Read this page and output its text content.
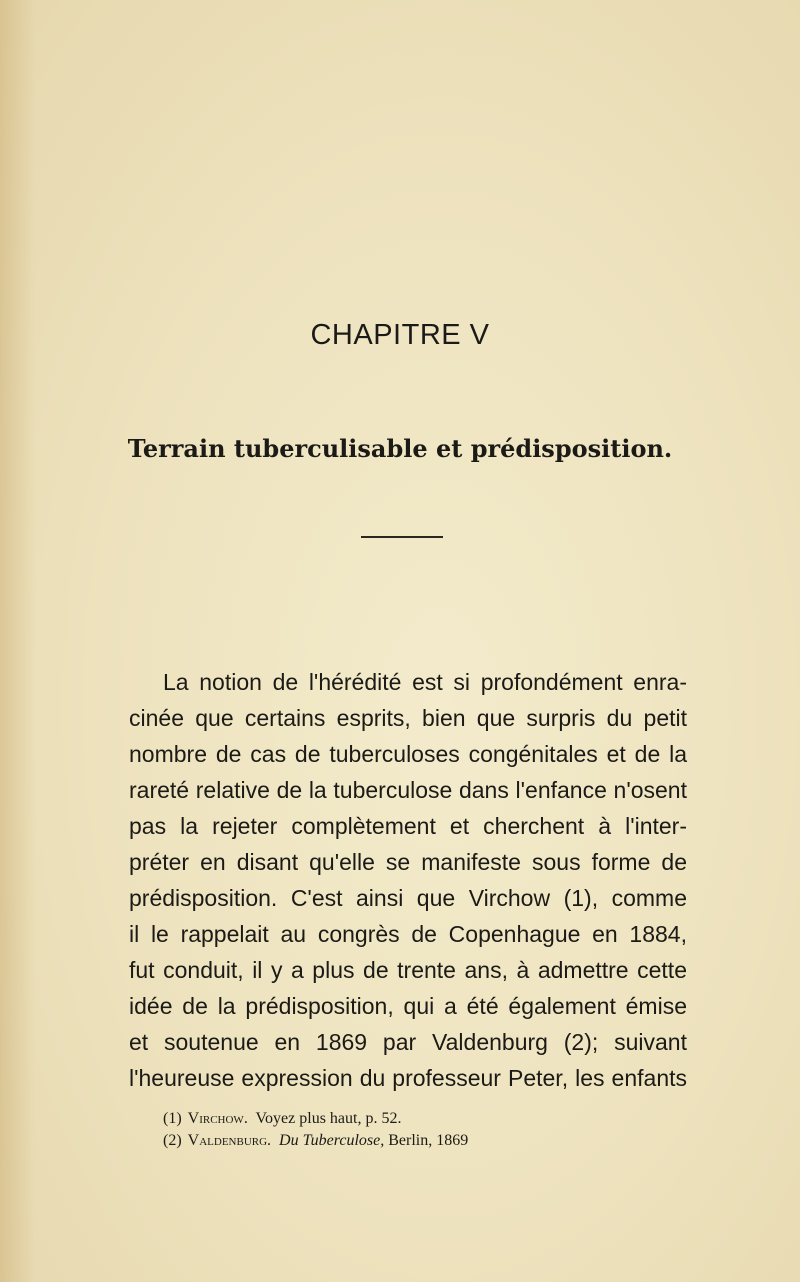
CHAPITRE V
Terrain tuberculisable et prédisposition.
La notion de l'hérédité est si profondément enra-
cinée que certains esprits, bien que surpris du petit
nombre de cas de tuberculoses congénitales et de la
rareté relative de la tuberculose dans l'enfance n'osent
pas la rejeter complètement et cherchent à l'inter-
préter en disant qu'elle se manifeste sous forme de
prédisposition. C'est ainsi que Virchow (1), comme
il le rappelait au congrès de Copenhague en 1884,
fut conduit, il y a plus de trente ans, à admettre cette
idée de la prédisposition, qui a été également émise
et soutenue en 1869 par Valdenburg (2); suivant
l'heureuse expression du professeur Peter, les enfants
(1) Virchow. Voyez plus haut, p. 52.
(2) Valdenburg. Du Tuberculose, Berlin, 1869
